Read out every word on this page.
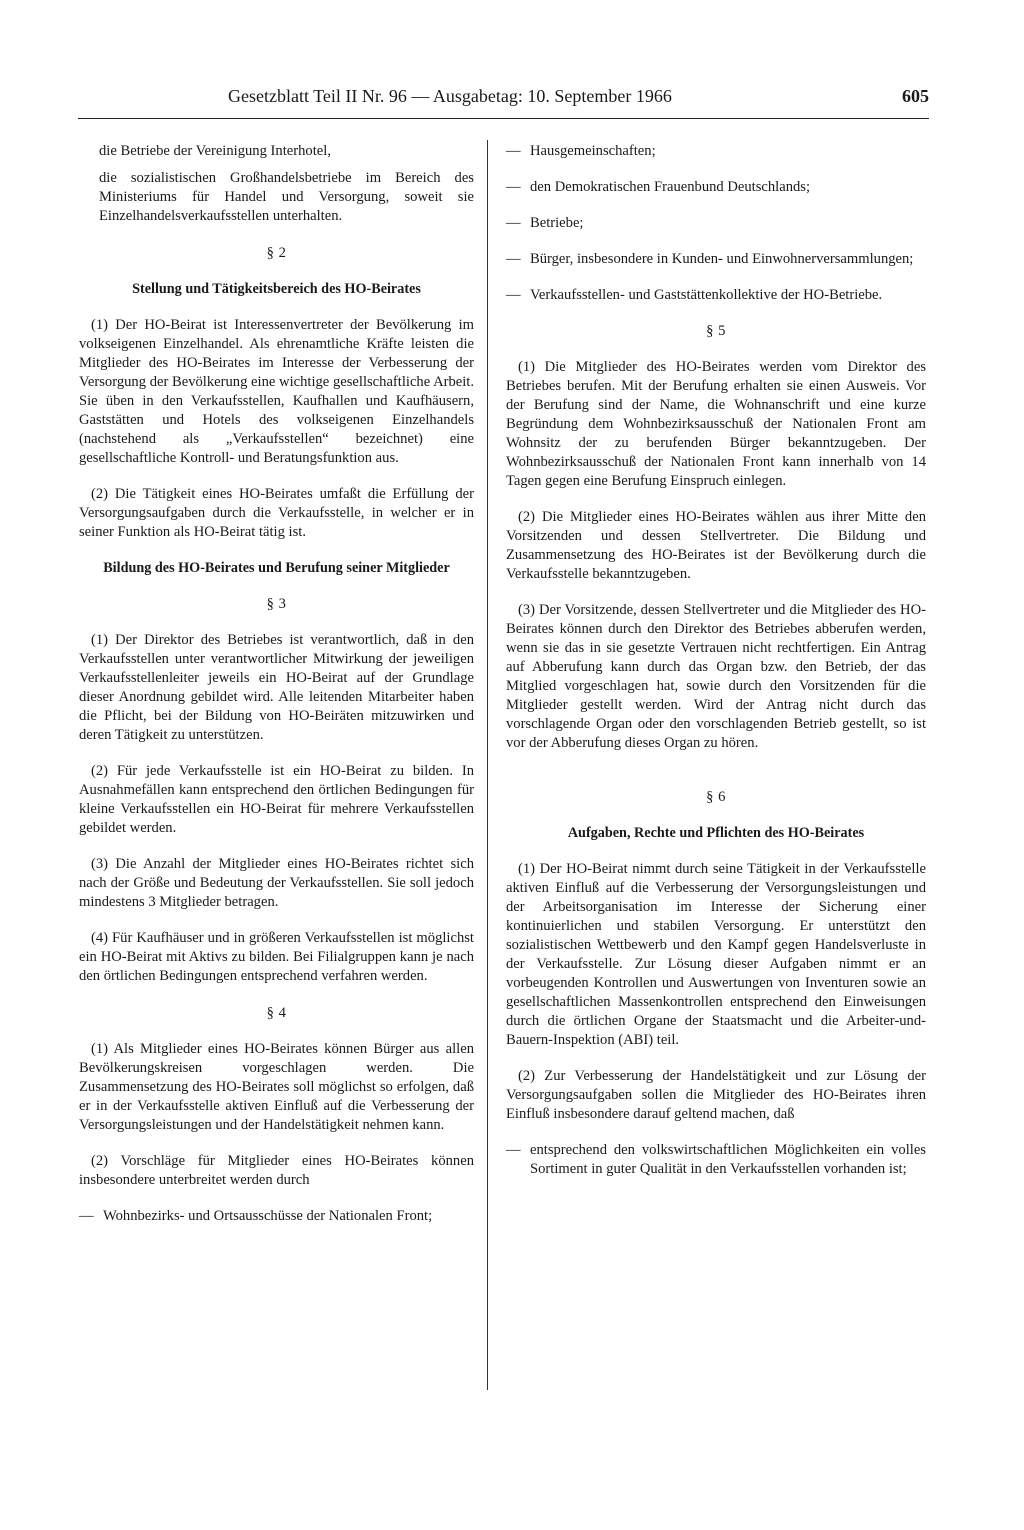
Gesetzblatt Teil II Nr. 96 — Ausgabetag: 10. September 1966	605

die Betriebe der Vereinigung Interhotel,

die sozialistischen Großhandelsbetriebe im Bereich des Ministeriums für Handel und Versorgung, soweit sie Einzelhandelsverkaufsstellen unterhalten.

§ 2

Stellung und Tätigkeitsbereich des HO-Beirates

(1) Der HO-Beirat ist Interessenvertreter der Bevölkerung im volkseigenen Einzelhandel. Als ehrenamtliche Kräfte leisten die Mitglieder des HO-Beirates im Interesse der Verbesserung der Versorgung der Bevölkerung eine wichtige gesellschaftliche Arbeit. Sie üben in den Verkaufsstellen, Kaufhallen und Kaufhäusern, Gaststätten und Hotels des volkseigenen Einzelhandels (nachstehend als „Verkaufsstellen“ bezeichnet) eine gesellschaftliche Kontroll- und Beratungsfunktion aus.

(2) Die Tätigkeit eines HO-Beirates umfaßt die Erfüllung der Versorgungsaufgaben durch die Verkaufsstelle, in welcher er in seiner Funktion als HO-Beirat tätig ist.

Bildung des HO-Beirates und Berufung seiner Mitglieder

§ 3

(1) Der Direktor des Betriebes ist verantwortlich, daß in den Verkaufsstellen unter verantwortlicher Mitwirkung der jeweiligen Verkaufsstellenleiter jeweils ein HO-Beirat auf der Grundlage dieser Anordnung gebildet wird. Alle leitenden Mitarbeiter haben die Pflicht, bei der Bildung von HO-Beiräten mitzuwirken und deren Tätigkeit zu unterstützen.

(2) Für jede Verkaufsstelle ist ein HO-Beirat zu bilden. In Ausnahmefällen kann entsprechend den örtlichen Bedingungen für kleine Verkaufsstellen ein HO-Beirat für mehrere Verkaufsstellen gebildet werden.

(3) Die Anzahl der Mitglieder eines HO-Beirates richtet sich nach der Größe und Bedeutung der Verkaufsstellen. Sie soll jedoch mindestens 3 Mitglieder betragen.

(4) Für Kaufhäuser und in größeren Verkaufsstellen ist möglichst ein HO-Beirat mit Aktivs zu bilden. Bei Filialgruppen kann je nach den örtlichen Bedingungen entsprechend verfahren werden.

§ 4

(1) Als Mitglieder eines HO-Beirates können Bürger aus allen Bevölkerungskreisen vorgeschlagen werden. Die Zusammensetzung des HO-Beirates soll möglichst so erfolgen, daß er in der Verkaufsstelle aktiven Einfluß auf die Verbesserung der Versorgungsleistungen und der Handelstätigkeit nehmen kann.

(2) Vorschläge für Mitglieder eines HO-Beirates können insbesondere unterbreitet werden durch

— Wohnbezirks- und Ortsausschüsse der Nationalen Front;
— Hausgemeinschaften;
— den Demokratischen Frauenbund Deutschlands;
— Betriebe;
— Bürger, insbesondere in Kunden- und Einwohnerversammlungen;
— Verkaufsstellen- und Gaststättenkollektive der HO-Betriebe.

§ 5

(1) Die Mitglieder des HO-Beirates werden vom Direktor des Betriebes berufen. Mit der Berufung erhalten sie einen Ausweis. Vor der Berufung sind der Name, die Wohnanschrift und eine kurze Begründung dem Wohnbezirksausschuß der Nationalen Front am Wohnsitz der zu berufenden Bürger bekanntzugeben. Der Wohnbezirksausschuß der Nationalen Front kann innerhalb von 14 Tagen gegen eine Berufung Einspruch einlegen.

(2) Die Mitglieder eines HO-Beirates wählen aus ihrer Mitte den Vorsitzenden und dessen Stellvertreter. Die Bildung und Zusammensetzung des HO-Beirates ist der Bevölkerung durch die Verkaufsstelle bekanntzugeben.

(3) Der Vorsitzende, dessen Stellvertreter und die Mitglieder des HO-Beirates können durch den Direktor des Betriebes abberufen werden, wenn sie das in sie gesetzte Vertrauen nicht rechtfertigen. Ein Antrag auf Abberufung kann durch das Organ bzw. den Betrieb, der das Mitglied vorgeschlagen hat, sowie durch den Vorsitzenden für die Mitglieder gestellt werden. Wird der Antrag nicht durch das vorschlagende Organ oder den vorschlagenden Betrieb gestellt, so ist vor der Abberufung dieses Organ zu hören.

§ 6

Aufgaben, Rechte und Pflichten des HO-Beirates

(1) Der HO-Beirat nimmt durch seine Tätigkeit in der Verkaufsstelle aktiven Einfluß auf die Verbesserung der Versorgungsleistungen und der Arbeitsorganisation im Interesse der Sicherung einer kontinuierlichen und stabilen Versorgung. Er unterstützt den sozialistischen Wettbewerb und den Kampf gegen Handelsverluste in der Verkaufsstelle. Zur Lösung dieser Aufgaben nimmt er an vorbeugenden Kontrollen und Auswertungen von Inventuren sowie an gesellschaftlichen Massenkontrollen entsprechend den Einweisungen durch die örtlichen Organe der Staatsmacht und die Arbeiter-und-Bauern-Inspektion (ABI) teil.

(2) Zur Verbesserung der Handelstätigkeit und zur Lösung der Versorgungsaufgaben sollen die Mitglieder des HO-Beirates ihren Einfluß insbesondere darauf geltend machen, daß

— entsprechend den volkswirtschaftlichen Möglichkeiten ein volles Sortiment in guter Qualität in den Verkaufsstellen vorhanden ist;
